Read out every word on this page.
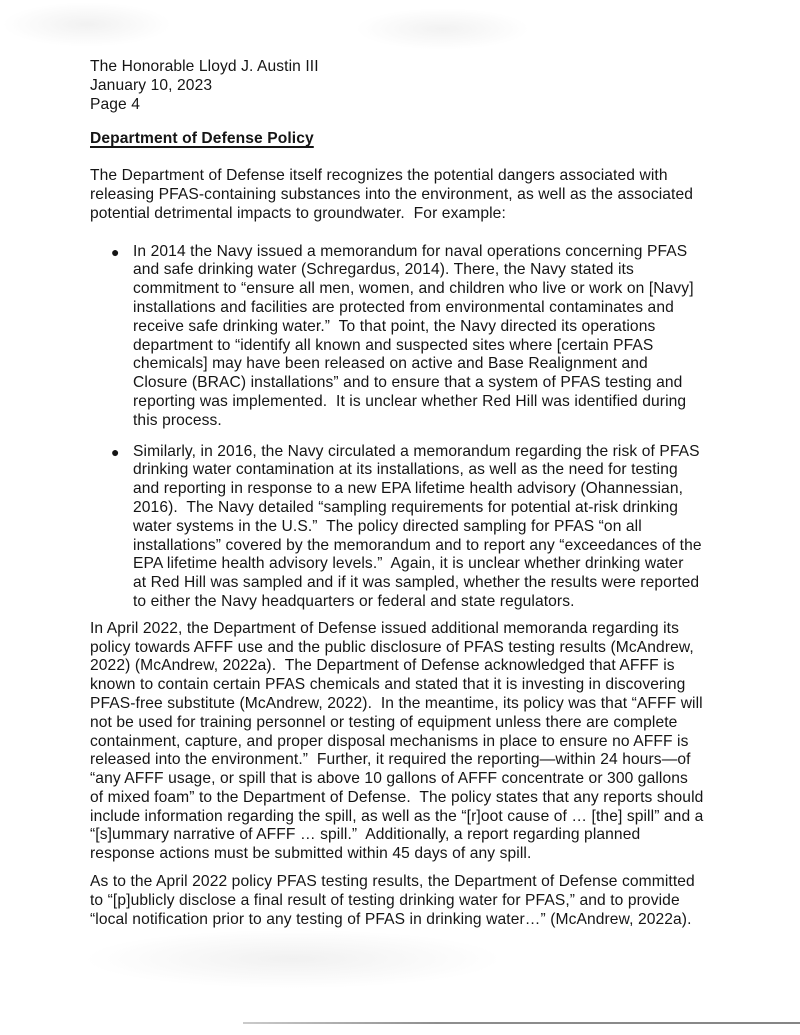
The Honorable Lloyd J. Austin III
January 10, 2023
Page 4
Department of Defense Policy
The Department of Defense itself recognizes the potential dangers associated with
releasing PFAS-containing substances into the environment, as well as the associated
potential detrimental impacts to groundwater.  For example:
● In 2014 the Navy issued a memorandum for naval operations concerning PFAS
and safe drinking water (Schregardus, 2014). There, the Navy stated its
commitment to “ensure all men, women, and children who live or work on [Navy]
installations and facilities are protected from environmental contaminates and
receive safe drinking water.”  To that point, the Navy directed its operations
department to “identify all known and suspected sites where [certain PFAS
chemicals] may have been released on active and Base Realignment and
Closure (BRAC) installations” and to ensure that a system of PFAS testing and
reporting was implemented.  It is unclear whether Red Hill was identified during
this process.
● Similarly, in 2016, the Navy circulated a memorandum regarding the risk of PFAS
drinking water contamination at its installations, as well as the need for testing
and reporting in response to a new EPA lifetime health advisory (Ohannessian,
2016).  The Navy detailed “sampling requirements for potential at-risk drinking
water systems in the U.S.”  The policy directed sampling for PFAS “on all
installations” covered by the memorandum and to report any “exceedances of the
EPA lifetime health advisory levels.”  Again, it is unclear whether drinking water
at Red Hill was sampled and if it was sampled, whether the results were reported
to either the Navy headquarters or federal and state regulators.
In April 2022, the Department of Defense issued additional memoranda regarding its
policy towards AFFF use and the public disclosure of PFAS testing results (McAndrew,
2022) (McAndrew, 2022a).  The Department of Defense acknowledged that AFFF is
known to contain certain PFAS chemicals and stated that it is investing in discovering
PFAS-free substitute (McAndrew, 2022).  In the meantime, its policy was that “AFFF will
not be used for training personnel or testing of equipment unless there are complete
containment, capture, and proper disposal mechanisms in place to ensure no AFFF is
released into the environment.”  Further, it required the reporting—within 24 hours—of
“any AFFF usage, or spill that is above 10 gallons of AFFF concentrate or 300 gallons
of mixed foam” to the Department of Defense.  The policy states that any reports should
include information regarding the spill, as well as the “[r]oot cause of … [the] spill” and a
“[s]ummary narrative of AFFF … spill.”  Additionally, a report regarding planned
response actions must be submitted within 45 days of any spill.
As to the April 2022 policy PFAS testing results, the Department of Defense committed
to “[p]ublicly disclose a final result of testing drinking water for PFAS,” and to provide
“local notification prior to any testing of PFAS in drinking water…” (McAndrew, 2022a).
